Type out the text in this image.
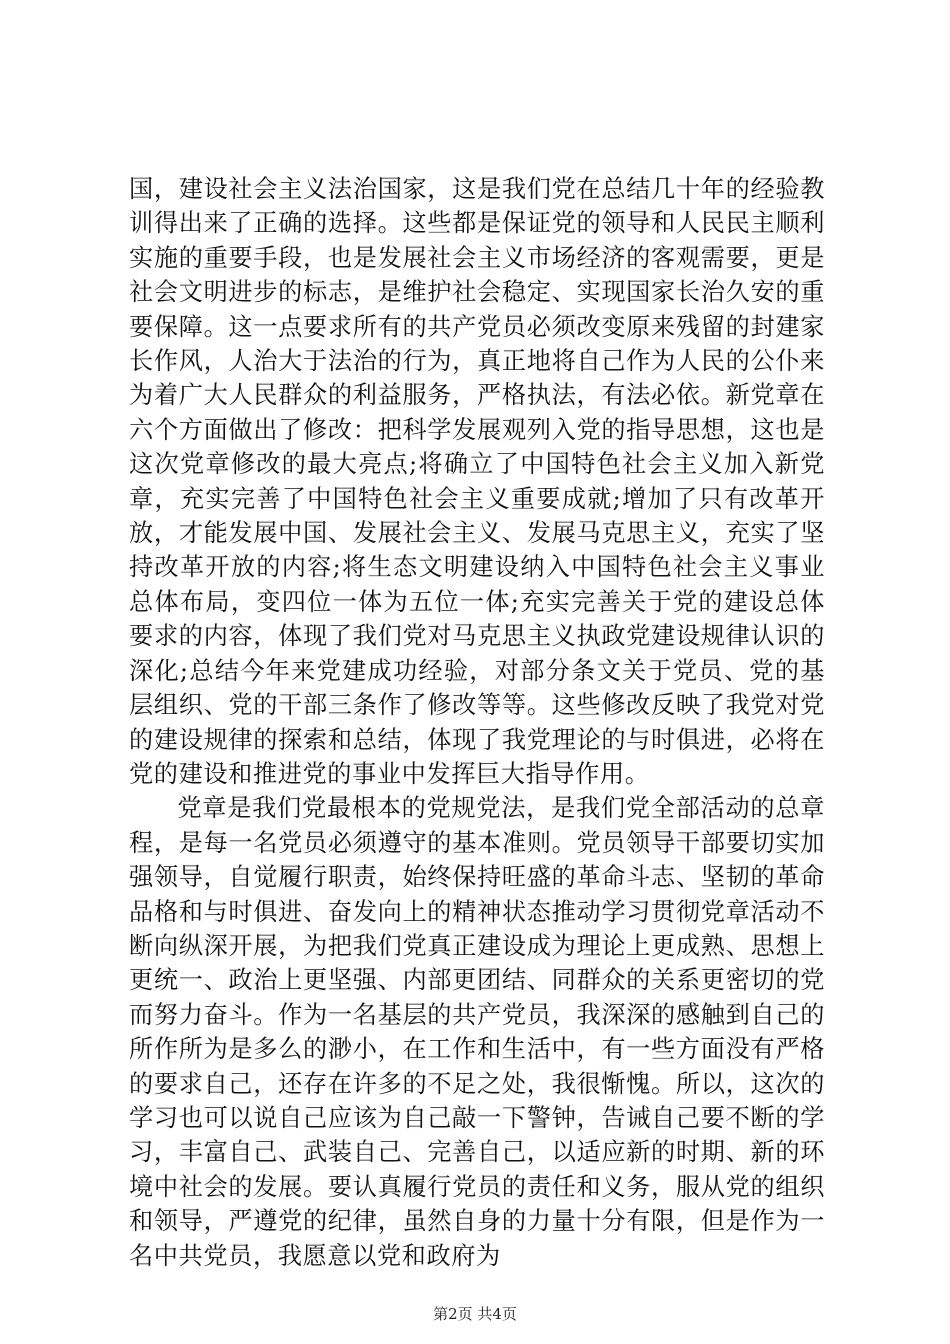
国，建设社会主义法治国家，这是我们党在总结几十年的经验教训得出来了正确的选择。这些都是保证党的领导和人民民主顺利实施的重要手段，也是发展社会主义市场经济的客观需要，更是社会文明进步的标志，是维护社会稳定、实现国家长治久安的重要保障。这一点要求所有的共产党员必须改变原来残留的封建家长作风，人治大于法治的行为，真正地将自己作为人民的公仆来为着广大人民群众的利益服务，严格执法，有法必依。新党章在六个方面做出了修改：把科学发展观列入党的指导思想，这也是这次党章修改的最大亮点;将确立了中国特色社会主义加入新党章，充实完善了中国特色社会主义重要成就;增加了只有改革开放，才能发展中国、发展社会主义、发展马克思主义，充实了坚持改革开放的内容;将生态文明建设纳入中国特色社会主义事业总体布局，变四位一体为五位一体;充实完善关于党的建设总体要求的内容，体现了我们党对马克思主义执政党建设规律认识的深化;总结今年来党建成功经验，对部分条文关于党员、党的基层组织、党的干部三条作了修改等等。这些修改反映了我党对党的建设规律的探索和总结，体现了我党理论的与时俱进，必将在党的建设和推进党的事业中发挥巨大指导作用。

党章是我们党最根本的党规党法，是我们党全部活动的总章程，是每一名党员必须遵守的基本准则。党员领导干部要切实加强领导，自觉履行职责，始终保持旺盛的革命斗志、坚韧的革命品格和与时俱进、奋发向上的精神状态推动学习贯彻党章活动不断向纵深开展，为把我们党真正建设成为理论上更成熟、思想上更统一、政治上更坚强、内部更团结、同群众的关系更密切的党而努力奋斗。作为一名基层的共产党员，我深深的感触到自己的所作所为是多么的渺小，在工作和生活中，有一些方面没有严格的要求自己，还存在许多的不足之处，我很惭愧。所以，这次的学习也可以说自己应该为自己敲一下警钟，告诫自己要不断的学习，丰富自己、武装自己、完善自己，以适应新的时期、新的环境中社会的发展。要认真履行党员的责任和义务，服从党的组织和领导，严遵党的纪律，虽然自身的力量十分有限，但是作为一名中共党员，我愿意以党和政府为

第2页 共4页
